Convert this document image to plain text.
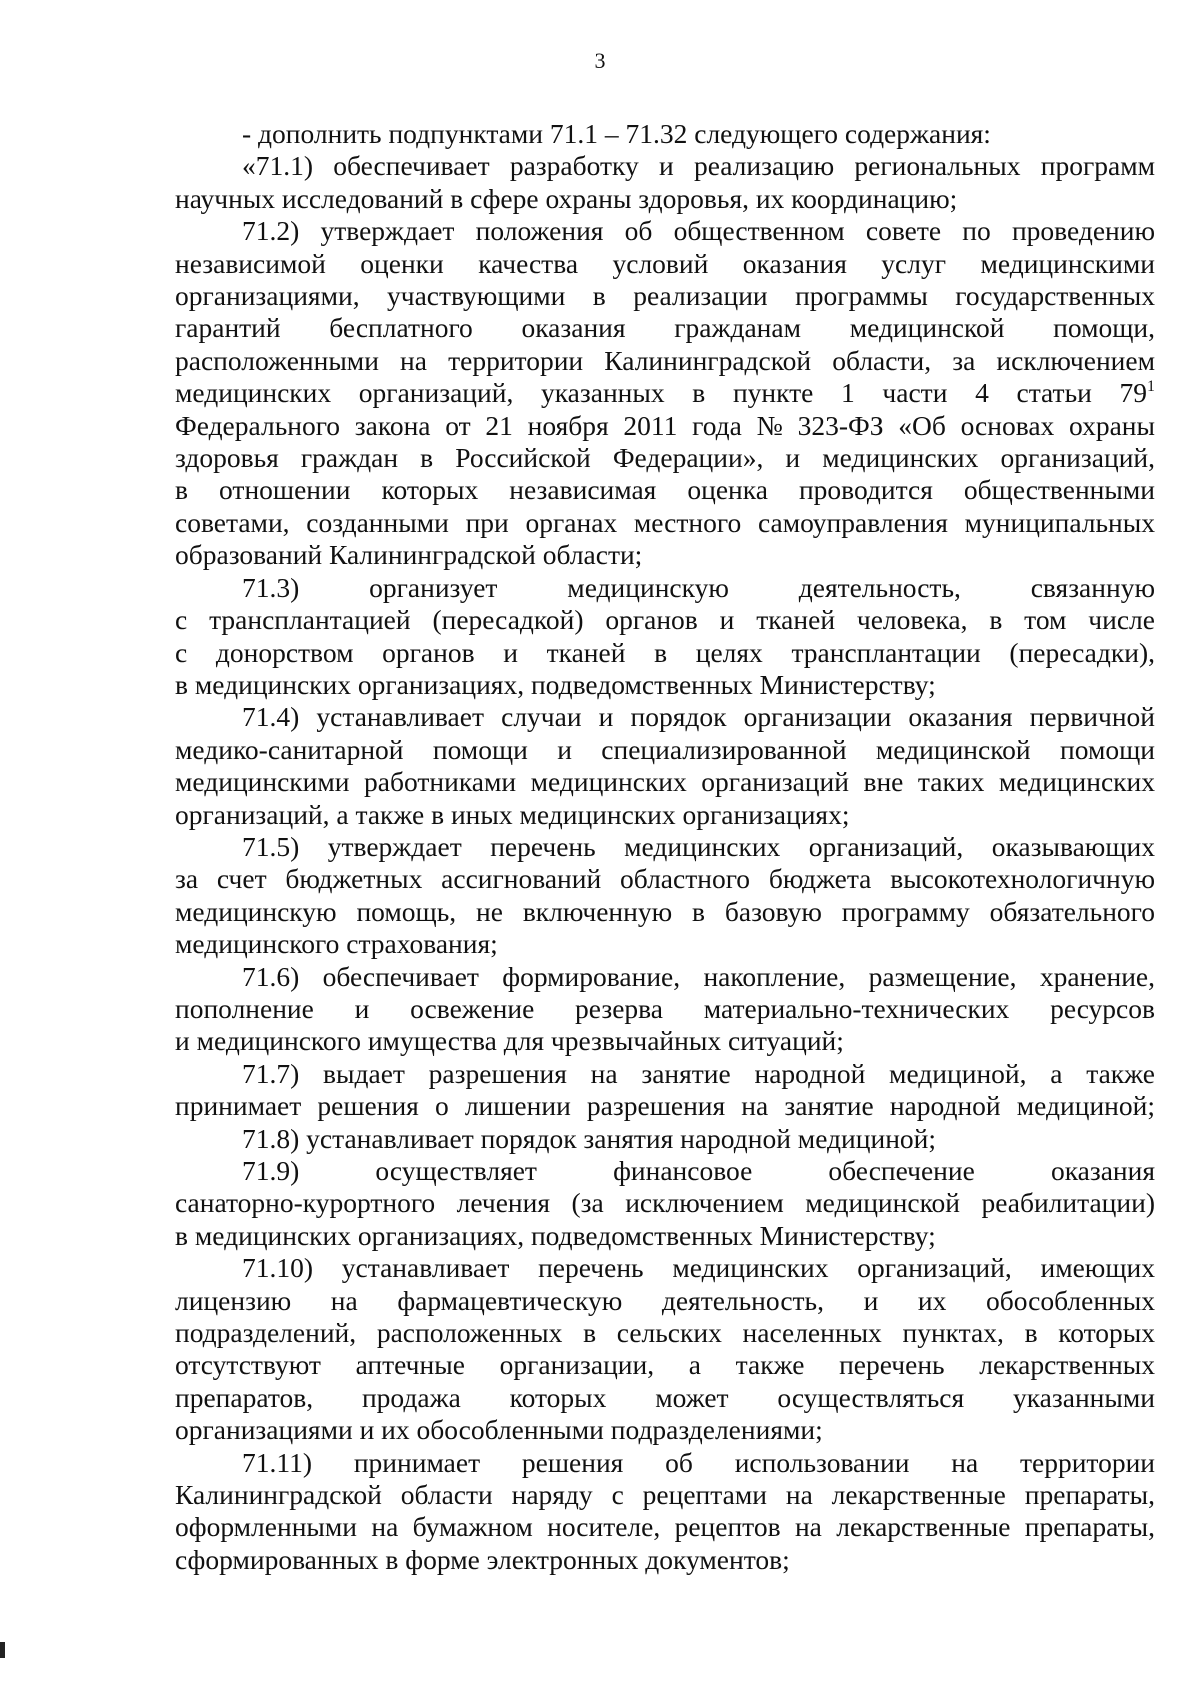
3
- дополнить подпунктами 71.1 – 71.32 следующего содержания:
«71.1) обеспечивает разработку и реализацию региональных программ
научных исследований в сфере охраны здоровья, их координацию;
71.2) утверждает положения об общественном совете по проведению
независимой оценки качества условий оказания услуг медицинскими
организациями, участвующими в реализации программы государственных
гарантий бесплатного оказания гражданам медицинской помощи,
расположенными на территории Калининградской области, за исключением
медицинских организаций, указанных в пункте 1 части 4 статьи $79^1$
Федерального закона от 21 ноября 2011 года № 323-ФЗ «Об основах охраны
здоровья граждан в Российской Федерации», и медицинских организаций,
в отношении которых независимая оценка проводится общественными
советами, созданными при органах местного самоуправления муниципальных
образований Калининградской области;
71.3) организует медицинскую деятельность, связанную
с трансплантацией (пересадкой) органов и тканей человека, в том числе
с донорством органов и тканей в целях трансплантации (пересадки),
в медицинских организациях, подведомственных Министерству;
71.4) устанавливает случаи и порядок организации оказания первичной
медико-санитарной помощи и специализированной медицинской помощи
медицинскими работниками медицинских организаций вне таких медицинских
организаций, а также в иных медицинских организациях;
71.5) утверждает перечень медицинских организаций, оказывающих
за счет бюджетных ассигнований областного бюджета высокотехнологичную
медицинскую помощь, не включенную в базовую программу обязательного
медицинского страхования;
71.6) обеспечивает формирование, накопление, размещение, хранение,
пополнение и освежение резерва материально-технических ресурсов
и медицинского имущества для чрезвычайных ситуаций;
71.7) выдает разрешения на занятие народной медициной, а также
принимает решения о лишении разрешения на занятие народной медициной;
71.8) устанавливает порядок занятия народной медициной;
71.9) осуществляет финансовое обеспечение оказания
санаторно-курортного лечения (за исключением медицинской реабилитации)
в медицинских организациях, подведомственных Министерству;
71.10) устанавливает перечень медицинских организаций, имеющих
лицензию на фармацевтическую деятельность, и их обособленных
подразделений, расположенных в сельских населенных пунктах, в которых
отсутствуют аптечные организации, а также перечень лекарственных
препаратов, продажа которых может осуществляться указанными
организациями и их обособленными подразделениями;
71.11) принимает решения об использовании на территории
Калининградской области наряду с рецептами на лекарственные препараты,
оформленными на бумажном носителе, рецептов на лекарственные препараты,
сформированных в форме электронных документов;
